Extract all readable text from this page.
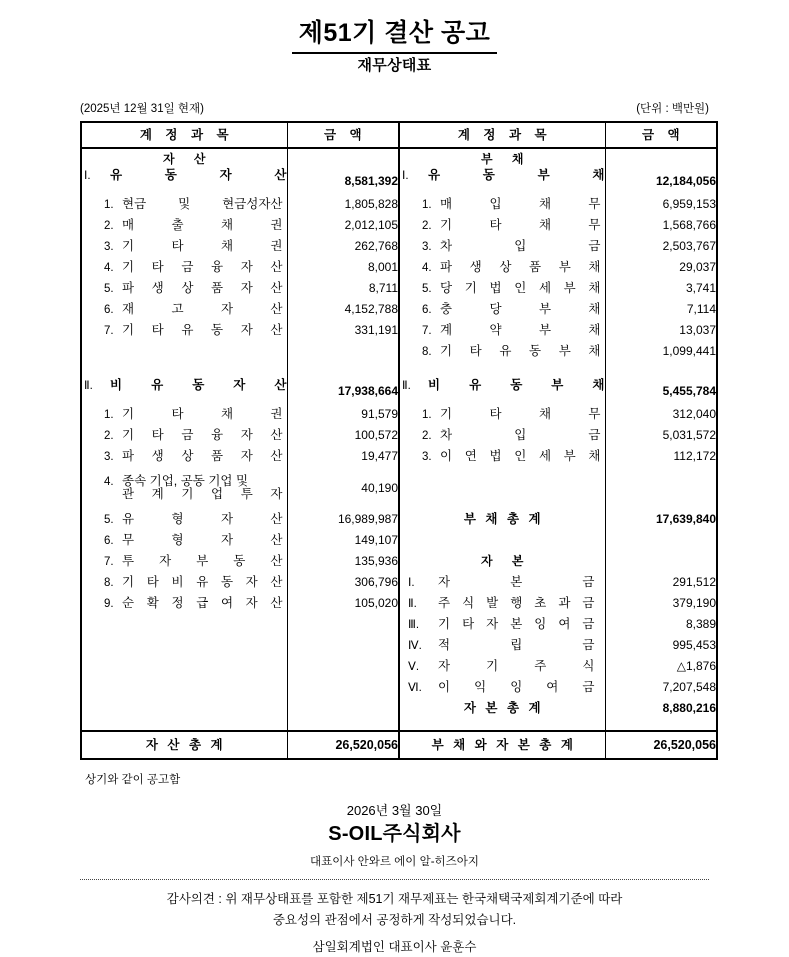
제51기 결산 공고
재무상태표
(2025년 12월 31일 현재)	(단위 : 백만원)
계 정 과 목	금 액	계 정 과 목	금 액

자 산		부 채	

Ⅰ. 유 동 자 산	8,581,392	Ⅰ. 유 동 부 채	12,184,056

1. 현금 및 현금성자산	1,805,828	1. 매 입 채 무	6,959,153

2. 매 출 채 권	2,012,105	2. 기 타 채 무	1,568,766

3. 기 타 채 권	262,768	3. 차 입 금	2,503,767

4. 기 타 금 융 자 산	8,001	4. 파 생 상 품 부 채	29,037

5. 파 생 상 품 자 산	8,711	5. 당 기 법 인 세 부 채	3,741

6. 재 고 자 산	4,152,788	6. 충 당 부 채	7,114

7. 기 타 유 동 자 산	331,191	7. 계 약 부 채	13,037

		8. 기 타 유 동 부 채	1,099,441

Ⅱ. 비 유 동 자 산	17,938,664	Ⅱ. 비 유 동 부 채	5,455,784

1. 기 타 채 권	91,579	1. 기 타 채 무	312,040

2. 기 타 금 융 자 산	100,572	2. 차 입 금	5,031,572

3. 파 생 상 품 자 산	19,477	3. 이 연 법 인 세 부 채	112,172

4. 종속 기업, 공동 기업 및
관 계 기 업 투 자	40,190		

5. 유 형 자 산	16,989,987	부 채 총 계	17,639,840

6. 무 형 자 산	149,107		

7. 투 자 부 동 산	135,936	자 본	

8. 기 타 비 유 동 자 산	306,796	Ⅰ. 자 본 금	291,512

9. 순 확 정 급 여 자 산	105,020	Ⅱ. 주 식 발 행 초 과 금	379,190

		Ⅲ. 기 타 자 본 잉 여 금	8,389

		Ⅳ. 적 립 금	995,453

		Ⅴ. 자 기 주 식	△1,876

		Ⅵ. 이 익 잉 여 금	7,207,548

		자 본 총 계	8,880,216

자 산 총 계	26,520,056	부 채 와 자 본 총 계	26,520,056
상기와 같이 공고함
2026년 3월 30일
S-OIL주식회사
대표이사 안와르 에이 알-히즈아지
감사의견 : 위 재무상태표를 포함한 제51기 재무제표는 한국채택국제회계기준에 따라
중요성의 관점에서 공정하게 작성되었습니다.
삼일회계법인 대표이사 윤훈수
